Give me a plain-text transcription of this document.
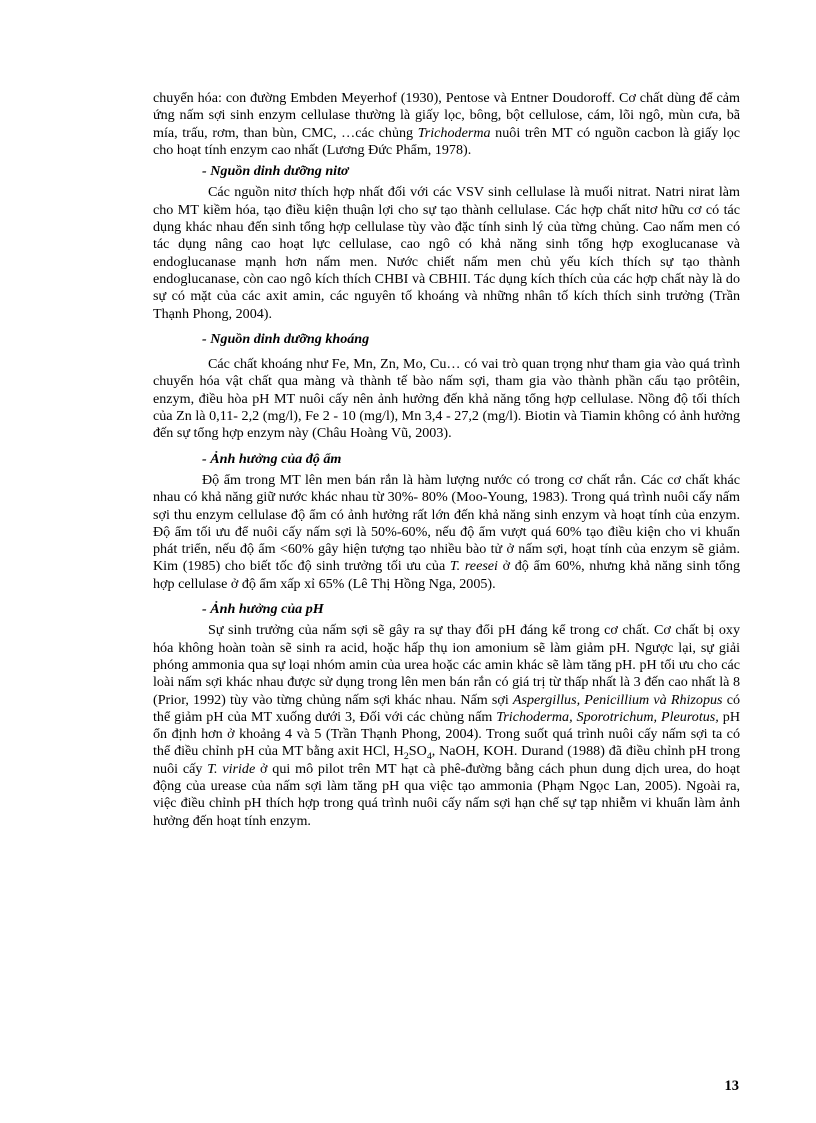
chuyển hóa: con đường Embden Meyerhof (1930), Pentose và Entner Doudoroff. Cơ chất dùng để cảm ứng nấm sợi sinh enzym cellulase thường là giấy lọc, bông, bột cellulose, cám, lõi ngô, mùn cưa, bã mía, trấu, rơm, than bùn, CMC, …các chủng Trichoderma nuôi trên MT có nguồn cacbon là giấy lọc cho hoạt tính enzym cao nhất (Lương Đức Phẩm, 1978).

- Nguồn dinh dưỡng nitơ

Các nguồn nitơ thích hợp nhất đối với các VSV sinh cellulase là muối nitrat. Natri nirat làm cho MT kiềm hóa, tạo điều kiện thuận lợi cho sự tạo thành cellulase. Các hợp chất nitơ hữu cơ có tác dụng khác nhau đến sinh tổng hợp cellulase tùy vào đặc tính sinh lý của từng chủng. Cao nấm men có tác dụng nâng cao hoạt lực cellulase, cao ngô có khả năng sinh tổng hợp exoglucanase và endoglucanase mạnh hơn nấm men. Nước chiết nấm men chủ yếu kích thích sự tạo thành endoglucanase, còn cao ngô kích thích CHBI và CBHII. Tác dụng kích thích của các hợp chất này là do sự có mặt của các axit amin, các nguyên tố khoáng và những nhân tố kích thích sinh trưởng (Trần Thạnh Phong, 2004).

- Nguồn dinh dưỡng khoáng

Các chất khoáng như Fe, Mn, Zn, Mo, Cu… có vai trò quan trọng như tham gia vào quá trình chuyển hóa vật chất qua màng và thành tế bào nấm sợi, tham gia vào thành phần cấu tạo prôtêin, enzym, điều hòa pH MT nuôi cấy nên ảnh hưởng đến khả năng tổng hợp cellulase. Nồng độ tối thích của Zn là 0,11- 2,2 (mg/l), Fe 2 - 10 (mg/l), Mn 3,4 - 27,2 (mg/l). Biotin và Tiamin không có ảnh hưởng đến sự tổng hợp enzym này (Châu Hoàng Vũ, 2003).

- Ảnh hưởng của độ ẩm

Độ ẩm trong MT lên men bán rắn là hàm lượng nước có trong cơ chất rắn. Các cơ chất khác nhau có khả năng giữ nước khác nhau từ 30%- 80% (Moo-Young, 1983). Trong quá trình nuôi cấy nấm sợi thu enzym cellulase độ ẩm có ảnh hưởng rất lớn đến khả năng sinh enzym và hoạt tính của enzym. Độ ẩm tối ưu để nuôi cấy nấm sợi là 50%-60%, nếu độ ẩm vượt quá 60% tạo điều kiện cho vi khuẩn phát triển, nếu độ ẩm <60% gây hiện tượng tạo nhiều bào tử ở nấm sợi, hoạt tính của enzym sẽ giảm. Kim (1985) cho biết tốc độ sinh trưởng tối ưu của T. reesei ở độ ẩm 60%, nhưng khả năng sinh tổng hợp cellulase ở độ ẩm xấp xỉ 65% (Lê Thị Hồng Nga, 2005).

- Ảnh hưởng của pH

Sự sinh trưởng của nấm sợi sẽ gây ra sự thay đổi pH đáng kể trong cơ chất. Cơ chất bị oxy hóa không hoàn toàn sẽ sinh ra acid, hoặc hấp thụ ion amonium sẽ làm giảm pH. Ngược lại, sự giải phóng ammonia qua sự loại nhóm amin của urea hoặc các amin khác sẽ làm tăng pH. pH tối ưu cho các loài nấm sợi khác nhau được sử dụng trong lên men bán rắn có giá trị từ thấp nhất là 3 đến cao nhất là 8 (Prior, 1992) tùy vào từng chủng nấm sợi khác nhau. Nấm sợi Aspergillus, Penicillium và Rhizopus có thể giảm pH của MT xuống dưới 3, Đối với các chủng nấm Trichoderma, Sporotrichum, Pleurotus, pH ổn định hơn ở khoảng 4 và 5 (Trần Thạnh Phong, 2004). Trong suốt quá trình nuôi cấy nấm sợi ta có thể điều chỉnh pH của MT bằng axit HCl, $H_2SO_4$, NaOH, KOH. Durand (1988) đã điều chỉnh pH trong nuôi cấy T. viride ở qui mô pilot trên MT hạt cà phê-đường bằng cách phun dung dịch urea, do hoạt động của urease của nấm sợi làm tăng pH qua việc tạo ammonia (Phạm Ngọc Lan, 2005). Ngoài ra, việc điều chỉnh pH thích hợp trong quá trình nuôi cấy nấm sợi hạn chế sự tạp nhiễm vi khuẩn làm ảnh hưởng đến hoạt tính enzym.

13
